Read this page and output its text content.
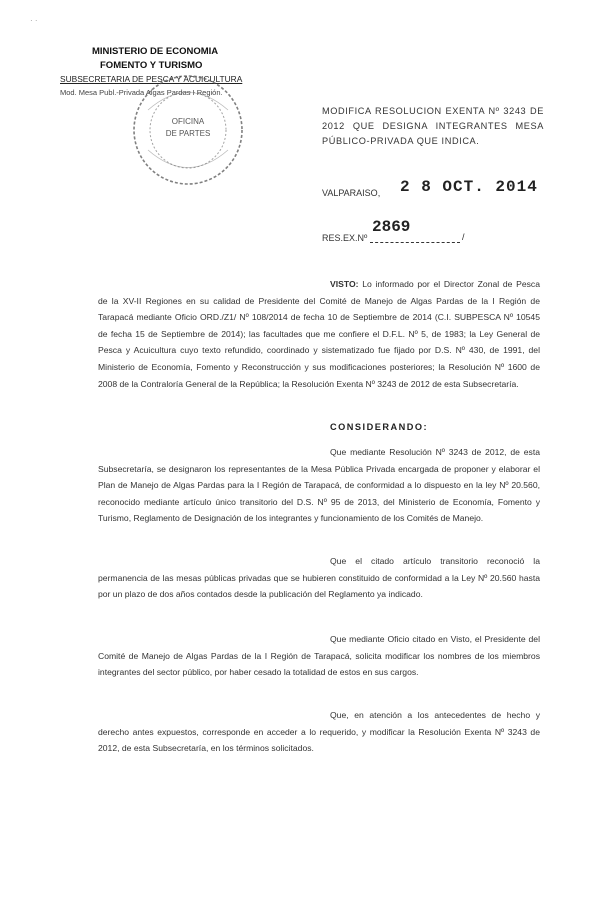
· ·
MINISTERIO DE ECONOMIA
FOMENTO Y TURISMO
SUBSECRETARIA DE PESCA Y ACUICULTURA
Mod. Mesa Publ.-Privada Algas Pardas I Región.
OFICINA
DE PARTES
MODIFICA RESOLUCION EXENTA Nº 3243 DE 2012 QUE DESIGNA INTEGRANTES MESA PÚBLICO-PRIVADA QUE INDICA.
VALPARAISO, 2 8 OCT. 2014
RES.EX.Nº
2869
/
VISTO: Lo informado por el Director Zonal de Pesca de la XV-II Regiones en su calidad de Presidente del Comité de Manejo de Algas Pardas de la I Región de Tarapacá mediante Oficio ORD./Z1/ Nº 108/2014 de fecha 10 de Septiembre de 2014 (C.I. SUBPESCA Nº 10545 de fecha 15 de Septiembre de 2014); las facultades que me confiere el D.F.L. Nº 5, de 1983; la Ley General de Pesca y Acuicultura cuyo texto refundido, coordinado y sistematizado fue fijado por D.S. Nº 430, de 1991, del Ministerio de Economía, Fomento y Reconstrucción y sus modificaciones posteriores; la Resolución Nº 1600 de 2008 de la Contraloría General de la República; la Resolución Exenta Nº 3243 de 2012 de esta Subsecretaría.
CONSIDERANDO:
Que mediante Resolución Nº 3243 de 2012, de esta Subsecretaría, se designaron los representantes de la Mesa Pública Privada encargada de proponer y elaborar el Plan de Manejo de Algas Pardas para la I Región de Tarapacá, de conformidad a lo dispuesto en la ley Nº 20.560, reconocido mediante artículo único transitorio del D.S. Nº 95 de 2013, del Ministerio de Economía, Fomento y Turismo, Reglamento de Designación de los integrantes y funcionamiento de los Comités de Manejo.
Que el citado artículo transitorio reconoció la permanencia de las mesas públicas privadas que se hubieren constituido de conformidad a la Ley Nº 20.560 hasta por un plazo de dos años contados desde la publicación del Reglamento ya indicado.
Que mediante Oficio citado en Visto, el Presidente del Comité de Manejo de Algas Pardas de la I Región de Tarapacá, solicita modificar los nombres de los miembros integrantes del sector público, por haber cesado la totalidad de estos en sus cargos.
Que, en atención a los antecedentes de hecho y derecho antes expuestos, corresponde en acceder a lo requerido, y modificar la Resolución Exenta Nº 3243 de 2012, de esta Subsecretaría, en los términos solicitados.
